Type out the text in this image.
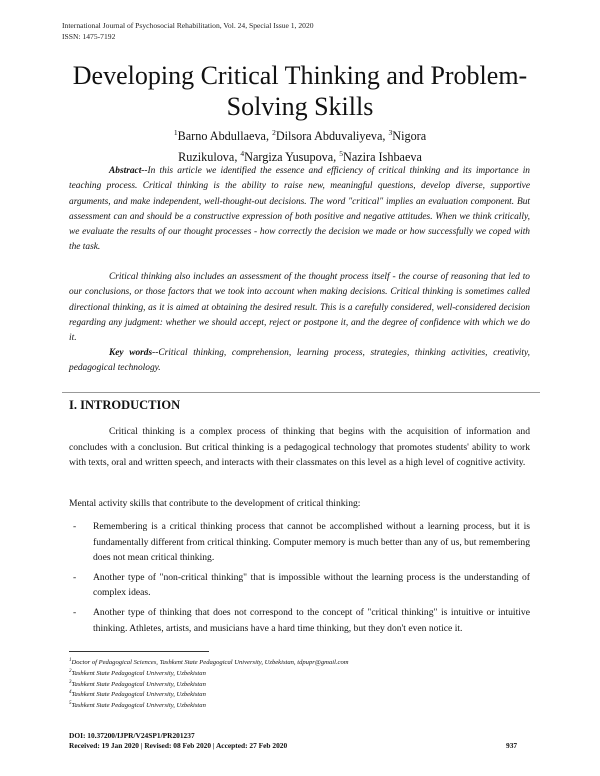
International Journal of Psychosocial Rehabilitation, Vol. 24, Special Issue 1, 2020
ISSN: 1475-7192
Developing Critical Thinking and Problem-
Solving Skills
$^1$Barno Abdullaeva, $^2$Dilsora Abduvaliyeva, $^3$Nigora Ruzikulova, $^4$Nargiza Yusupova, $^5$Nazira Ishbaeva

Abstract--In this article we identified the essence and efficiency of critical thinking and its importance in teaching process. Critical thinking is the ability to raise new, meaningful questions, develop diverse, supportive arguments, and make independent, well-thought-out decisions. The word "critical" implies an evaluation component. But assessment can and should be a constructive expression of both positive and negative attitudes. When we think critically, we evaluate the results of our thought processes - how correctly the decision we made or how successfully we coped with the task.

Critical thinking also includes an assessment of the thought process itself - the course of reasoning that led to our conclusions, or those factors that we took into account when making decisions. Critical thinking is sometimes called directional thinking, as it is aimed at obtaining the desired result. This is a carefully considered, well-considered decision regarding any judgment: whether we should accept, reject or postpone it, and the degree of confidence with which we do it.

Key words--Critical thinking, comprehension, learning process, strategies, thinking activities, creativity, pedagogical technology.

I. INTRODUCTION

Critical thinking is a complex process of thinking that begins with the acquisition of information and concludes with a conclusion. But critical thinking is a pedagogical technology that promotes students' ability to work with texts, oral and written speech, and interacts with their classmates on this level as a high level of cognitive activity.

Mental activity skills that contribute to the development of critical thinking:

- Remembering is a critical thinking process that cannot be accomplished without a learning process, but it is fundamentally different from critical thinking. Computer memory is much better than any of us, but remembering does not mean critical thinking.
- Another type of "non-critical thinking" that is impossible without the learning process is the understanding of complex ideas.
- Another type of thinking that does not correspond to the concept of "critical thinking" is intuitive or intuitive thinking. Athletes, artists, and musicians have a hard time thinking, but they don't even notice it.
$^1$Doctor of Pedagogical Sciences, Tashkent State Pedagogical University, Uzbekistan, tdpupr@gmail.com
$^2$Tashkent State Pedagogical University, Uzbekistan
$^3$Tashkent State Pedagogical University, Uzbekistan
$^4$Tashkent State Pedagogical University, Uzbekistan
$^5$Tashkent State Pedagogical University, Uzbekistan
DOI: 10.37200/IJPR/V24SP1/PR201237
Received: 19 Jan 2020 | Revised: 08 Feb 2020 | Accepted: 27 Feb 2020	937
